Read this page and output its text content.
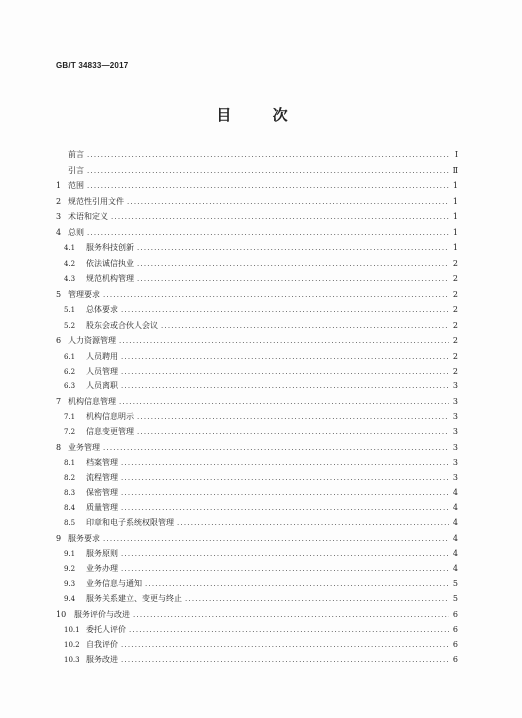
GB/T 34833—2017
目 次
前言 .....	Ⅰ
引言 .....	Ⅱ
1 范围 .....	1
2 规范性引用文件 .....	1
3 术语和定义 .....	1
4 总则 .....	1
4.1	服务科技创新 .....	1
4.2	依法诚信执业 .....	2
4.3	规范机构管理 .....	2
5 管理要求 .....	2
5.1	总体要求 .....	2
5.2	股东会或合伙人会议 .....	2
6 人力资源管理 .....	2
6.1	人员聘用 .....	2
6.2	人员管理 .....	2
6.3	人员离职 .....	3
7 机构信息管理 .....	3
7.1	机构信息明示 .....	3
7.2	信息变更管理 .....	3
8 业务管理 .....	3
8.1	档案管理 .....	3
8.2	流程管理 .....	3
8.3	保密管理 .....	4
8.4	质量管理 .....	4
8.5	印章和电子系统权限管理 .....	4
9 服务要求 .....	4
9.1	服务原则 .....	4
9.2	业务办理 .....	4
9.3	业务信息与通知 .....	5
9.4	服务关系建立、变更与终止 .....	5
10 服务评价与改进 .....	6
10.1 委托人评价 .....	6
10.2 自我评价 .....	6
10.3 服务改进 .....	6
